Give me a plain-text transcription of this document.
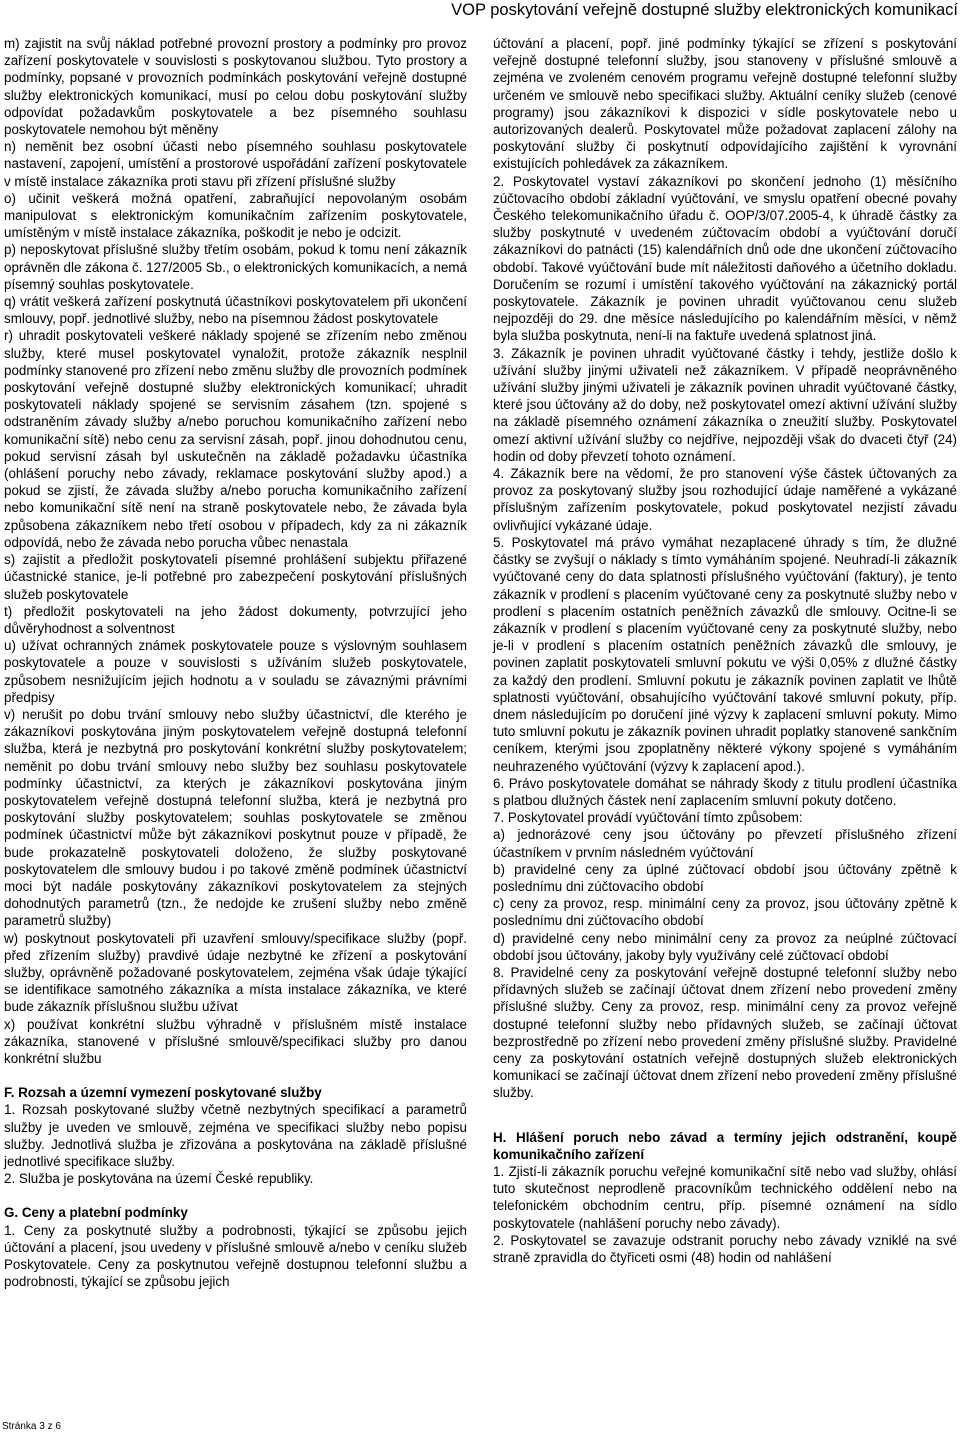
VOP poskytování veřejně dostupné služby elektronických komunikací

m) zajistit na svůj náklad potřebné provozní prostory a podmínky pro provoz zařízení poskytovatele v souvislosti s poskytovanou službou. Tyto prostory a podmínky, popsané v provozních podmínkách poskytování veřejně dostupné služby elektronických komunikací, musí po celou dobu poskytování služby odpovídat požadavkům poskytovatele a bez písemného souhlasu poskytovatele nemohou být měněny

n) neměnit bez osobní účasti nebo písemného souhlasu poskytovatele nastavení, zapojení, umístění a prostorové uspořádání zařízení poskytovatele v místě instalace zákazníka proti stavu při zřízení příslušné služby

o) učinit veškerá možná opatření, zabraňující nepovolaným osobám manipulovat s elektronickým komunikačním zařízením poskytovatele, umístěným v místě instalace zákazníka, poškodit je nebo je odcizit.

p) neposkytovat příslušné služby třetím osobám, pokud k tomu není zákazník oprávněn dle zákona č. 127/2005 Sb., o elektronických komunikacích, a nemá písemný souhlas poskytovatele.

q) vrátit veškerá zařízení poskytnutá účastníkovi poskytovatelem při ukončení smlouvy, popř. jednotlivé služby, nebo na písemnou žádost poskytovatele

r) uhradit poskytovateli veškeré náklady spojené se zřízením nebo změnou služby, které musel poskytovatel vynaložit, protože zákazník nesplnil podmínky stanovené pro zřízení nebo změnu služby dle provozních podmínek poskytování veřejně dostupné služby elektronických komunikací; uhradit poskytovateli náklady spojené se servisním zásahem (tzn. spojené s odstraněním závady služby a/nebo poruchou komunikačního zařízení nebo komunikační sítě) nebo cenu za servisní zásah, popř. jinou dohodnutou cenu, pokud servisní zásah byl uskutečněn na základě požadavku účastníka (ohlášení poruchy nebo závady, reklamace poskytování služby apod.) a pokud se zjistí, že závada služby a/nebo porucha komunikačního zařízení nebo komunikační sítě není na straně poskytovatele nebo, že závada byla způsobena zákazníkem nebo třetí osobou v případech, kdy za ni zákazník odpovídá, nebo že závada nebo porucha vůbec nenastala

s) zajistit a předložit poskytovateli písemné prohlášení subjektu přiřazené účastnické stanice, je-li potřebné pro zabezpečení poskytování příslušných služeb poskytovatele

t) předložit poskytovateli na jeho žádost dokumenty, potvrzující jeho důvěryhodnost a solventnost

u) užívat ochranných známek poskytovatele pouze s výslovným souhlasem poskytovatele a pouze v souvislosti s užíváním služeb poskytovatele, způsobem nesnižujícím jejich hodnotu a v souladu se závaznými právními předpisy

v) nerušit po dobu trvání smlouvy nebo služby účastnictví, dle kterého je zákazníkovi poskytována jiným poskytovatelem veřejně dostupná telefonní služba, která je nezbytná pro poskytování konkrétní služby poskytovatelem; neměnit po dobu trvání smlouvy nebo služby bez souhlasu poskytovatele podmínky účastnictví, za kterých je zákazníkovi poskytována jiným poskytovatelem veřejně dostupná telefonní služba, která je nezbytná pro poskytování služby poskytovatelem; souhlas poskytovatele se změnou podmínek účastnictví může být zákazníkovi poskytnut pouze v případě, že bude prokazatelně poskytovateli doloženo, že služby poskytované poskytovatelem dle smlouvy budou i po takové změně podmínek účastnictví moci být nadále poskytovány zákazníkovi poskytovatelem za stejných dohodnutých parametrů (tzn., že nedojde ke zrušení služby nebo změně parametrů služby)

w) poskytnout poskytovateli při uzavření smlouvy/specifikace služby (popř. před zřízením služby) pravdivé údaje nezbytné ke zřízení a poskytování služby, oprávněně požadované poskytovatelem, zejména však údaje týkající se identifikace samotného zákazníka a místa instalace zákazníka, ve které bude zákazník příslušnou službu užívat

x) používat konkrétní službu výhradně v příslušném místě instalace zákazníka, stanovené v příslušné smlouvě/specifikaci služby pro danou konkrétní službu

F. Rozsah a územní vymezení poskytované služby

1. Rozsah poskytované služby včetně nezbytných specifikací a parametrů služby je uveden ve smlouvě, zejména ve specifikaci služby nebo popisu služby. Jednotlivá služba je zřizována a poskytována na základě příslušné jednotlivé specifikace služby.

2. Služba je poskytována na území České republiky.

G. Ceny a platební podmínky

1. Ceny za poskytnuté služby a podrobnosti, týkající se způsobu jejich účtování a placení, jsou uvedeny v příslušné smlouvě a/nebo v ceníku služeb Poskytovatele. Ceny za poskytnutou veřejně dostupnou telefonní službu a podrobnosti, týkající se způsobu jejich

účtování a placení, popř. jiné podmínky týkající se zřízení s poskytování veřejně dostupné telefonní služby, jsou stanoveny v příslušné smlouvě a zejména ve zvoleném cenovém programu veřejně dostupné telefonní služby určeném ve smlouvě nebo specifikaci služby. Aktuální ceníky služeb (cenové programy) jsou zákazníkovi k dispozici v sídle poskytovatele nebo u autorizovaných dealerů. Poskytovatel může požadovat zaplacení zálohy na poskytování služby či poskytnutí odpovídajícího zajištění k vyrovnání existujících pohledávek za zákazníkem.

2. Poskytovatel vystaví zákazníkovi po skončení jednoho (1) měsíčního zúčtovacího období základní vyúčtování, ve smyslu opatření obecné povahy Českého telekomunikačního úřadu č. OOP/3/07.2005-4, k úhradě částky za služby poskytnuté v uvedeném zúčtovacím období a vyúčtování doručí zákazníkovi do patnácti (15) kalendářních dnů ode dne ukončení zúčtovacího období. Takové vyúčtování bude mít náležitosti daňového a účetního dokladu. Doručením se rozumí i umístění takového vyúčtování na zákaznický portál poskytovatele. Zákazník je povinen uhradit vyúčtovanou cenu služeb nejpozději do 29. dne měsíce následujícího po kalendářním měsíci, v němž byla služba poskytnuta, není-li na faktuře uvedená splatnost jiná.

3. Zákazník je povinen uhradit vyúčtované částky i tehdy, jestliže došlo k užívání služby jinými uživateli než zákazníkem. V případě neoprávněného užívání služby jinými uživateli je zákazník povinen uhradit vyúčtované částky, které jsou účtovány až do doby, než poskytovatel omezí aktivní užívání služby na základě písemného oznámení zákazníka o zneužití služby. Poskytovatel omezí aktivní užívání služby co nejdříve, nejpozději však do dvaceti čtyř (24) hodin od doby převzetí tohoto oznámení.

4. Zákazník bere na vědomí, že pro stanovení výše částek účtovaných za provoz za poskytovaný služby jsou rozhodující údaje naměřené a vykázané příslušným zařízením poskytovatele, pokud poskytovatel nezjistí závadu ovlivňující vykázané údaje.

5. Poskytovatel má právo vymáhat nezaplacené úhrady s tím, že dlužné částky se zvyšují o náklady s tímto vymáháním spojené. Neuhradí-li zákazník vyúčtované ceny do data splatnosti příslušného vyúčtování (faktury), je tento zákazník v prodlení s placením vyúčtované ceny za poskytnuté služby nebo v prodlení s placením ostatních peněžních závazků dle smlouvy. Ocitne-li se zákazník v prodlení s placením vyúčtované ceny za poskytnuté služby, nebo je-li v prodlení s placením ostatních peněžních závazků dle smlouvy, je povinen zaplatit poskytovateli smluvní pokutu ve výši 0,05% z dlužné částky za každý den prodlení. Smluvní pokutu je zákazník povinen zaplatit ve lhůtě splatnosti vyúčtování, obsahujícího vyúčtování takové smluvní pokuty, příp. dnem následujícím po doručení jiné výzvy k zaplacení smluvní pokuty. Mimo tuto smluvní pokutu je zákazník povinen uhradit poplatky stanovené sankčním ceníkem, kterými jsou zpoplatněny některé výkony spojené s vymáháním neuhrazeného vyúčtování (výzvy k zaplacení apod.).

6. Právo poskytovatele domáhat se náhrady škody z titulu prodlení účastníka s platbou dlužných částek není zaplacením smluvní pokuty dotčeno.

7. Poskytovatel provádí vyúčtování tímto způsobem:

a) jednorázové ceny jsou účtovány po převzetí příslušného zřízení účastníkem v prvním následném vyúčtování

b) pravidelné ceny za úplné zúčtovací období jsou účtovány zpětně k poslednímu dni zúčtovacího období

c) ceny za provoz, resp. minimální ceny za provoz, jsou účtovány zpětně k poslednímu dni zúčtovacího období

d) pravidelné ceny nebo minimální ceny za provoz za neúplné zúčtovací období jsou účtovány, jakoby byly využívány celé zúčtovací období

8. Pravidelné ceny za poskytování veřejně dostupné telefonní služby nebo přídavných služeb se začínají účtovat dnem zřízení nebo provedení změny příslušné služby. Ceny za provoz, resp. minimální ceny za provoz veřejně dostupné telefonní služby nebo přídavných služeb, se začínají účtovat bezprostředně po zřízení nebo provedení změny příslušné služby. Pravidelné ceny za poskytování ostatních veřejně dostupných služeb elektronických komunikací se začínají účtovat dnem zřízení nebo provedení změny příslušné služby.

H. Hlášení poruch nebo závad a termíny jejich odstranění, koupě komunikačního zařízení

1. Zjistí-li zákazník poruchu veřejné komunikační sítě nebo vad služby, ohlásí tuto skutečnost neprodleně pracovníkům technického oddělení nebo na telefonickém obchodním centru, příp. písemné oznámení na sídlo poskytovatele (nahlášení poruchy nebo závady).

2. Poskytovatel se zavazuje odstranit poruchy nebo závady vzniklé na své straně zpravidla do čtyřiceti osmi (48) hodin od nahlášení

Stránka 3 z 6
